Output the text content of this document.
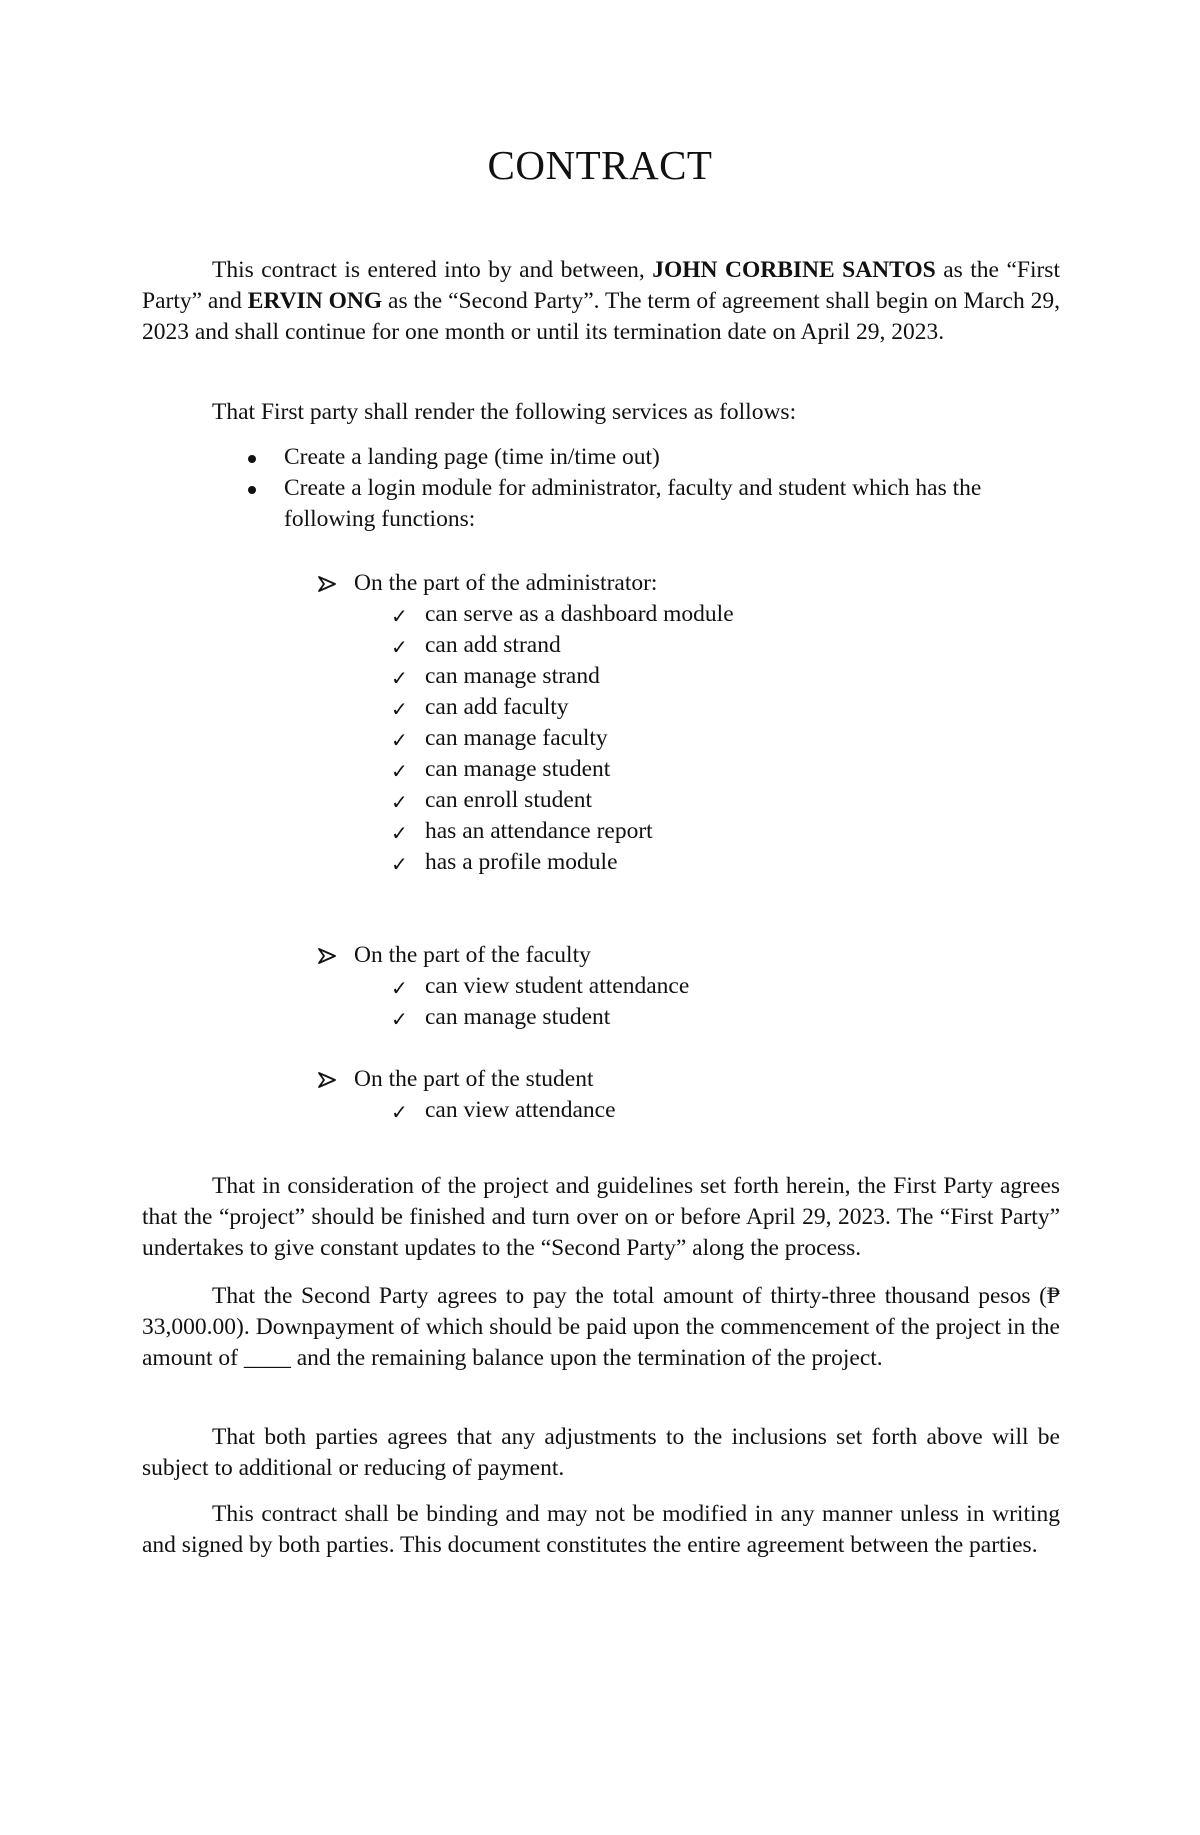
CONTRACT

This contract is entered into by and between, JOHN CORBINE SANTOS as the “First Party” and ERVIN ONG as the “Second Party”. The term of agreement shall begin on March 29, 2023 and shall continue for one month or until its termination date on April 29, 2023.

That First party shall render the following services as follows:

Create a landing page (time in/time out)
Create a login module for administrator, faculty and student which has the following functions:
On the part of the administrator:
✓ can serve as a dashboard module
✓ can add strand
✓ can manage strand
✓ can add faculty
✓ can manage faculty
✓ can manage student
✓ can enroll student
✓ has an attendance report
✓ has a profile module
On the part of the faculty
✓ can view student attendance
✓ can manage student
On the part of the student
✓ can view attendance

That in consideration of the project and guidelines set forth herein, the First Party agrees that the “project” should be finished and turn over on or before April 29, 2023. The “First Party” undertakes to give constant updates to the “Second Party” along the process.

That the Second Party agrees to pay the total amount of thirty-three thousand pesos (₱ 33,000.00). Downpayment of which should be paid upon the commencement of the project in the amount of ____ and the remaining balance upon the termination of the project.

That both parties agrees that any adjustments to the inclusions set forth above will be subject to additional or reducing of payment.

This contract shall be binding and may not be modified in any manner unless in writing and signed by both parties. This document constitutes the entire agreement between the parties.
